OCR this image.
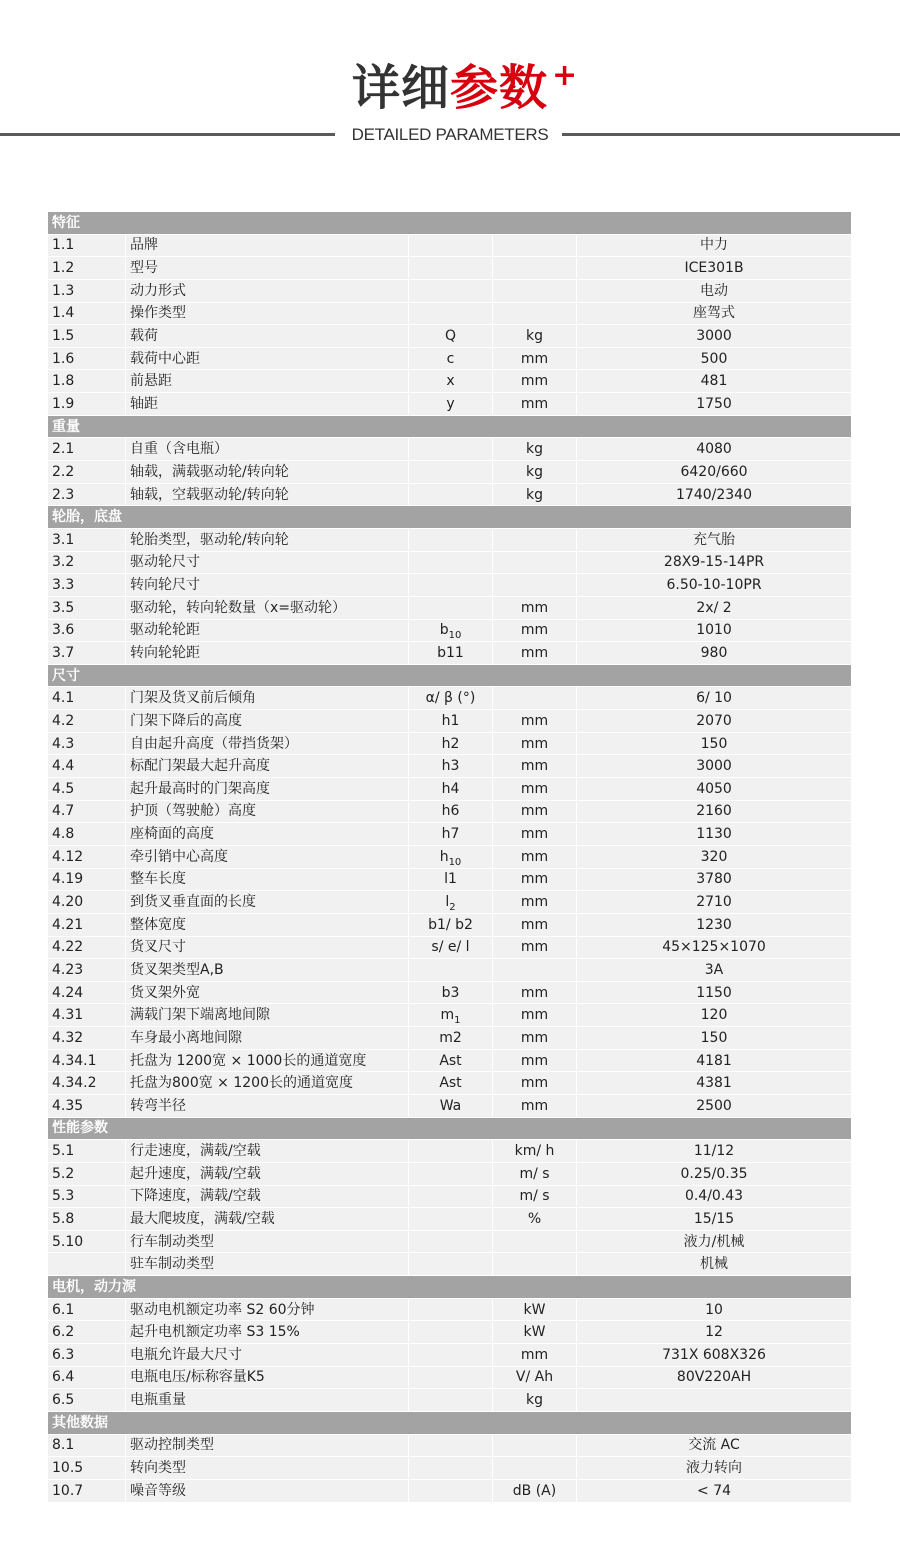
详细参数 +
DETAILED PARAMETERS
特征				
1.1	品牌			中力
1.2	型号			ICE301B
1.3	动力形式			电动
1.4	操作类型			座驾式
1.5	载荷	Q	kg	3000
1.6	载荷中心距	c	mm	500
1.8	前悬距	x	mm	481
1.9	轴距	y	mm	1750
重量				
2.1	自重（含电瓶）		kg	4080
2.2	轴载，满载驱动轮/转向轮		kg	6420/660
2.3	轴载，空载驱动轮/转向轮		kg	1740/2340
轮胎，底盘				
3.1	轮胎类型，驱动轮/转向轮			充气胎
3.2	驱动轮尺寸			28X9-15-14PR
3.3	转向轮尺寸			6.50-10-10PR
3.5	驱动轮，转向轮数量（x=驱动轮）		mm	2x/ 2
3.6	驱动轮轮距	$b_{10}$	mm	1010
3.7	转向轮轮距	b11	mm	980
尺寸				
4.1	门架及货叉前后倾角	α/ β (°)		6/ 10
4.2	门架下降后的高度	h1	mm	2070
4.3	自由起升高度（带挡货架）	h2	mm	150
4.4	标配门架最大起升高度	h3	mm	3000
4.5	起升最高时的门架高度	h4	mm	4050
4.7	护顶（驾驶舱）高度	h6	mm	2160
4.8	座椅面的高度	h7	mm	1130
4.12	牵引销中心高度	$h_{10}$	mm	320
4.19	整车长度	l1	mm	3780
4.20	到货叉垂直面的长度	$l_2$	mm	2710
4.21	整体宽度	b1/ b2	mm	1230
4.22	货叉尺寸	s/ e/ l	mm	45×125×1070
4.23	货叉架类型A,B			3A
4.24	货叉架外宽	b3	mm	1150
4.31	满载门架下端离地间隙	$m_1$	mm	120
4.32	车身最小离地间隙	m2	mm	150
4.34.1	托盘为 1200宽 × 1000长的通道宽度	Ast	mm	4181
4.34.2	托盘为800宽 × 1200长的通道宽度	Ast	mm	4381
4.35	转弯半径	Wa	mm	2500
性能参数				
5.1	行走速度，满载/空载		km/ h	11/12
5.2	起升速度，满载/空载		m/ s	0.25/0.35
5.3	下降速度，满载/空载		m/ s	0.4/0.43
5.8	最大爬坡度，满载/空载		%	15/15
5.10	行车制动类型			液力/机械
	驻车制动类型			机械
电机，动力源				
6.1	驱动电机额定功率 S2 60分钟		kW	10
6.2	起升电机额定功率 S3 15%		kW	12
6.3	电瓶允许最大尺寸		mm	731X 608X326
6.4	电瓶电压/标称容量K5		V/ Ah	80V220AH
6.5	电瓶重量		kg	
其他数据				
8.1	驱动控制类型			交流 AC
10.5	转向类型			液力转向
10.7	噪音等级		dB (A)	< 74
